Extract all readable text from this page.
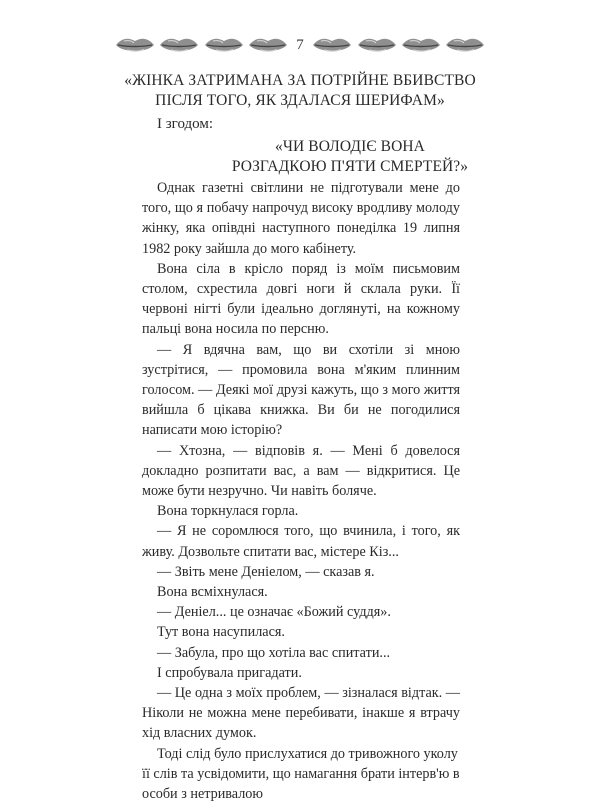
7
«ЖІНКА ЗАТРИМАНА ЗА ПОТРІЙНЕ ВБИВСТВО
ПІСЛЯ ТОГО, ЯК ЗДАЛАСЯ ШЕРИФАМ»
І згодом:
«ЧИ ВОЛОДІЄ ВОНА
РОЗГАДКОЮ П'ЯТИ СМЕРТЕЙ?»

Однак газетні світлини не підготували мене до того, що я побачу напрочуд високу вродливу молоду жінку, яка опівдні наступного понеділка 19 липня 1982 року зайшла до мого кабінету.

Вона сіла в крісло поряд із моїм письмовим столом, схрестила довгі ноги й склала руки. Її червоні нігті були ідеально доглянуті, на кожному пальці вона носила по персню.

— Я вдячна вам, що ви схотіли зі мною зустрітися, — промовила вона м'яким плинним голосом. — Деякі мої друзі кажуть, що з мого життя вийшла б цікава книжка. Ви би не погодилися написати мою історію?

— Хтозна, — відповів я. — Мені б довелося докладно розпитати вас, а вам — відкритися. Це може бути незручно. Чи навіть боляче.

Вона торкнулася горла.

— Я не соромлюся того, що вчинила, і того, як живу. Дозвольте спитати вас, містере Кіз...

— Звіть мене Деніелом, — сказав я.

Вона всміхнулася.

— Деніел... це означає «Божий суддя».

Тут вона насупилася.

— Забула, про що хотіла вас спитати...

І спробувала пригадати.

— Це одна з моїх проблем, — зізналася відтак. — Ніколи не можна мене перебивати, інакше я втрачу хід власних думок.

Тоді слід було прислухатися до тривожного уколу її слів та усвідомити, що намагання брати інтерв'ю в особи з нетривалою
